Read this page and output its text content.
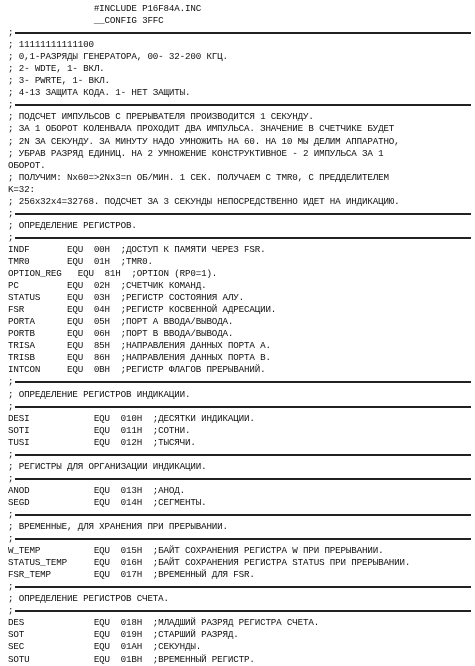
#INCLUDE P16F84A.INC
__CONFIG 3FFC
;
; 11111111111100
; 0,1-РАЗРЯДЫ ГЕНЕРАТОРА, 00- 32-200 КГЦ.
; 2- WDTE, 1- ВКЛ.
; 3- PWRTE, 1- ВКЛ.
; 4-13 ЗАЩИТА КОДА. 1- НЕТ ЗАЩИТЫ.
;
; ПОДСЧЕТ ИМПУЛЬСОВ С ПРЕРЫВАТЕЛЯ ПРОИЗВОДИТСЯ 1 СЕКУНДУ.
; ЗА 1 ОБОРОТ КОЛЕНВАЛА ПРОХОДИТ ДВА ИМПУЛЬСА. ЗНАЧЕНИЕ В СЧЕТЧИКЕ БУДЕТ
; 2N ЗА СЕКУНДУ. ЗА МИНУТУ НАДО УМНОЖИТЬ НА 60. НА 10 МЫ ДЕЛИМ АППАРАТНО,
; УБРАВ РАЗРЯД ЕДИНИЦ. НА 2 УМНОЖЕНИЕ КОНСТРУКТИВНОЕ - 2 ИМПУЛЬСА ЗА 1
ОБОРОТ.
; ПОЛУЧИМ: Nx60=>2Nx3=n ОБ/МИН. 1 СЕК. ПОЛУЧАЕМ С TMR0, С ПРЕДДЕЛИТЕЛЕМ
K=32:
; 256x32x4=32768. ПОДСЧЕТ ЗА 3 СЕКУНДЫ НЕПОСРЕДСТВЕННО ИДЕТ НА ИНДИКАЦИЮ.
;
; ОПРЕДЕЛЕНИЕ РЕГИСТРОВ.
;
INDF       EQU  00H  ;ДОСТУП К ПАМЯТИ ЧЕРЕЗ FSR.
TMR0       EQU  01H  ;TMR0.
OPTION_REG   EQU  81H  ;OPTION (RP0=1).
PC         EQU  02H  ;СЧЕТЧИК КОМАНД.
STATUS     EQU  03H  ;РЕГИСТР СОСТОЯНИЯ АЛУ.
FSR        EQU  04H  ;РЕГИСТР КОСВЕННОЙ АДРЕСАЦИИ.
PORTA      EQU  05H  ;ПОРТ А ВВОДА/ВЫВОДА.
PORTB      EQU  06H  ;ПОРТ В ВВОДА/ВЫВОДА.
TRISA      EQU  85H  ;НАПРАВЛЕНИЯ ДАННЫХ ПОРТА А.
TRISB      EQU  86H  ;НАПРАВЛЕНИЯ ДАННЫХ ПОРТА В.
INTCON     EQU  0BH  ;РЕГИСТР ФЛАГОВ ПРЕРЫВАНИЙ.
;
; ОПРЕДЕЛЕНИЕ РЕГИСТРОВ ИНДИКАЦИИ.
;
DESI            EQU  010H  ;ДЕСЯТКИ ИНДИКАЦИИ.
SOTI            EQU  011H  ;СОТНИ.
TUSI            EQU  012H  ;ТЫСЯЧИ.
;
; РЕГИСТРЫ ДЛЯ ОРГАНИЗАЦИИ ИНДИКАЦИИ.
;
ANOD            EQU  013H  ;АНОД.
SEGD            EQU  014H  ;СЕГМЕНТЫ.
;
; ВРЕМЕННЫЕ, ДЛЯ ХРАНЕНИЯ ПРИ ПРЕРЫВАНИИ.
;
W_TEMP          EQU  015H  ;БАЙТ СОХРАНЕНИЯ РЕГИСТРА W ПРИ ПРЕРЫВАНИИ.
STATUS_TEMP     EQU  016H  ;БАЙТ СОХРАНЕНИЯ РЕГИСТРА STATUS ПРИ ПРЕРЫВАНИИ.
FSR_TEMP        EQU  017H  ;ВРЕМЕННЫЙ ДЛЯ FSR.
;
; ОПРЕДЕЛЕНИЕ РЕГИСТРОВ СЧЕТА.
;
DES             EQU  018H  ;МЛАДШИЙ РАЗРЯД РЕГИСТРА СЧЕТА.
SOT             EQU  019H  ;СТАРШИЙ РАЗРЯД.
SEC             EQU  01AH  ;СЕКУНДЫ.
SOTU            EQU  01BH  ;ВРЕМЕННЫЙ РЕГИСТР.
